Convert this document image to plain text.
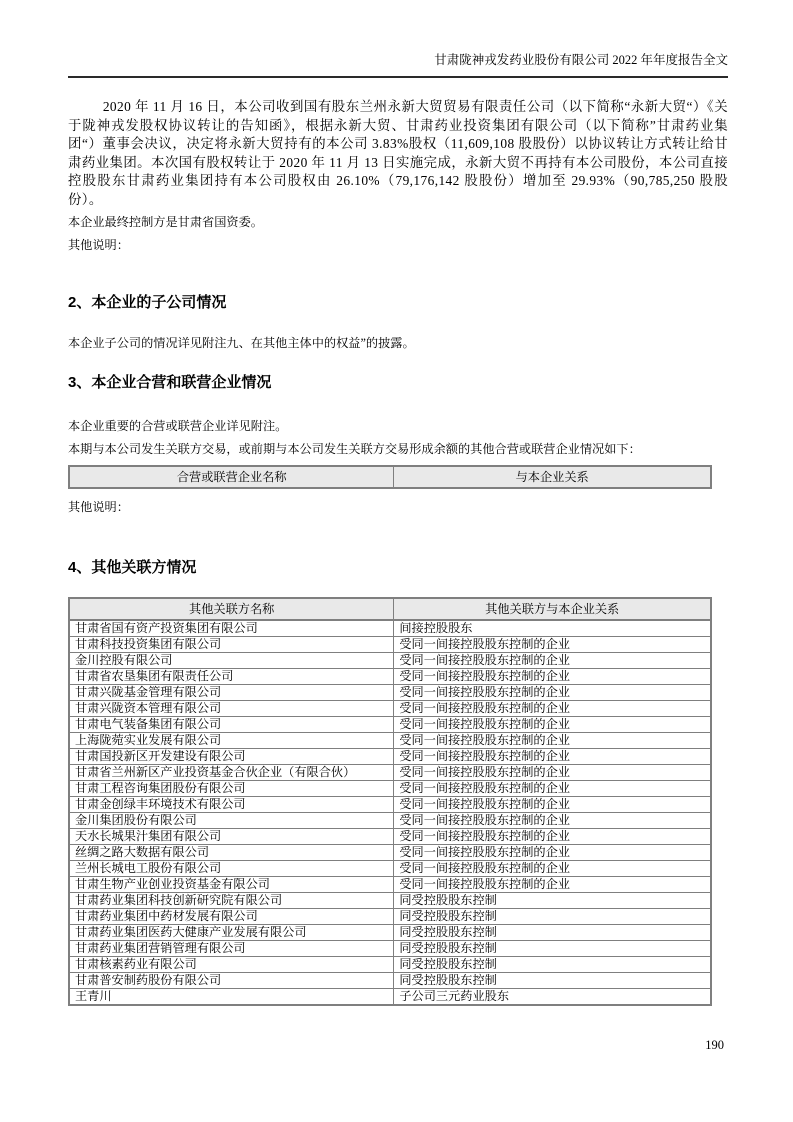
甘肃陇神戎发药业股份有限公司 2022 年年度报告全文

2020 年 11 月 16 日，本公司收到国有股东兰州永新大贸贸易有限责任公司（以下简称“永新大贸“）《关于陇神戎发股权协议转让的告知函》，根据永新大贸、甘肃药业投资集团有限公司（以下简称”甘肃药业集团“）董事会决议，决定将永新大贸持有的本公司 3.83%股权（11,609,108 股股份）以协议转让方式转让给甘肃药业集团。本次国有股权转让于 2020 年 11 月 13 日实施完成，永新大贸不再持有本公司股份，本公司直接控股股东甘肃药业集团持有本公司股权由 26.10%（79,176,142 股股份）增加至 29.93%（90,785,250 股股份）。

本企业最终控制方是甘肃省国资委。

其他说明：

2、本企业的子公司情况

本企业子公司的情况详见附注九、在其他主体中的权益”的披露。

3、本企业合营和联营企业情况

本企业重要的合营或联营企业详见附注。

本期与本公司发生关联方交易，或前期与本公司发生关联方交易形成余额的其他合营或联营企业情况如下：

合营或联营企业名称	与本企业关系

其他说明：

4、其他关联方情况
其他关联方名称	其他关联方与本企业关系
甘肃省国有资产投资集团有限公司	间接控股股东
甘肃科技投资集团有限公司	受同一间接控股股东控制的企业
金川控股有限公司	受同一间接控股股东控制的企业
甘肃省农垦集团有限责任公司	受同一间接控股股东控制的企业
甘肃兴陇基金管理有限公司	受同一间接控股股东控制的企业
甘肃兴陇资本管理有限公司	受同一间接控股股东控制的企业
甘肃电气装备集团有限公司	受同一间接控股股东控制的企业
上海陇菀实业发展有限公司	受同一间接控股股东控制的企业
甘肃国投新区开发建设有限公司	受同一间接控股股东控制的企业
甘肃省兰州新区产业投资基金合伙企业（有限合伙）	受同一间接控股股东控制的企业
甘肃工程咨询集团股份有限公司	受同一间接控股股东控制的企业
甘肃金创绿丰环境技术有限公司	受同一间接控股股东控制的企业
金川集团股份有限公司	受同一间接控股股东控制的企业
天水长城果汁集团有限公司	受同一间接控股股东控制的企业
丝绸之路大数据有限公司	受同一间接控股股东控制的企业
兰州长城电工股份有限公司	受同一间接控股股东控制的企业
甘肃生物产业创业投资基金有限公司	受同一间接控股股东控制的企业
甘肃药业集团科技创新研究院有限公司	同受控股股东控制
甘肃药业集团中药材发展有限公司	同受控股股东控制
甘肃药业集团医药大健康产业发展有限公司	同受控股股东控制
甘肃药业集团营销管理有限公司	同受控股股东控制
甘肃核素药业有限公司	同受控股股东控制
甘肃普安制药股份有限公司	同受控股股东控制
王青川	子公司三元药业股东
190
